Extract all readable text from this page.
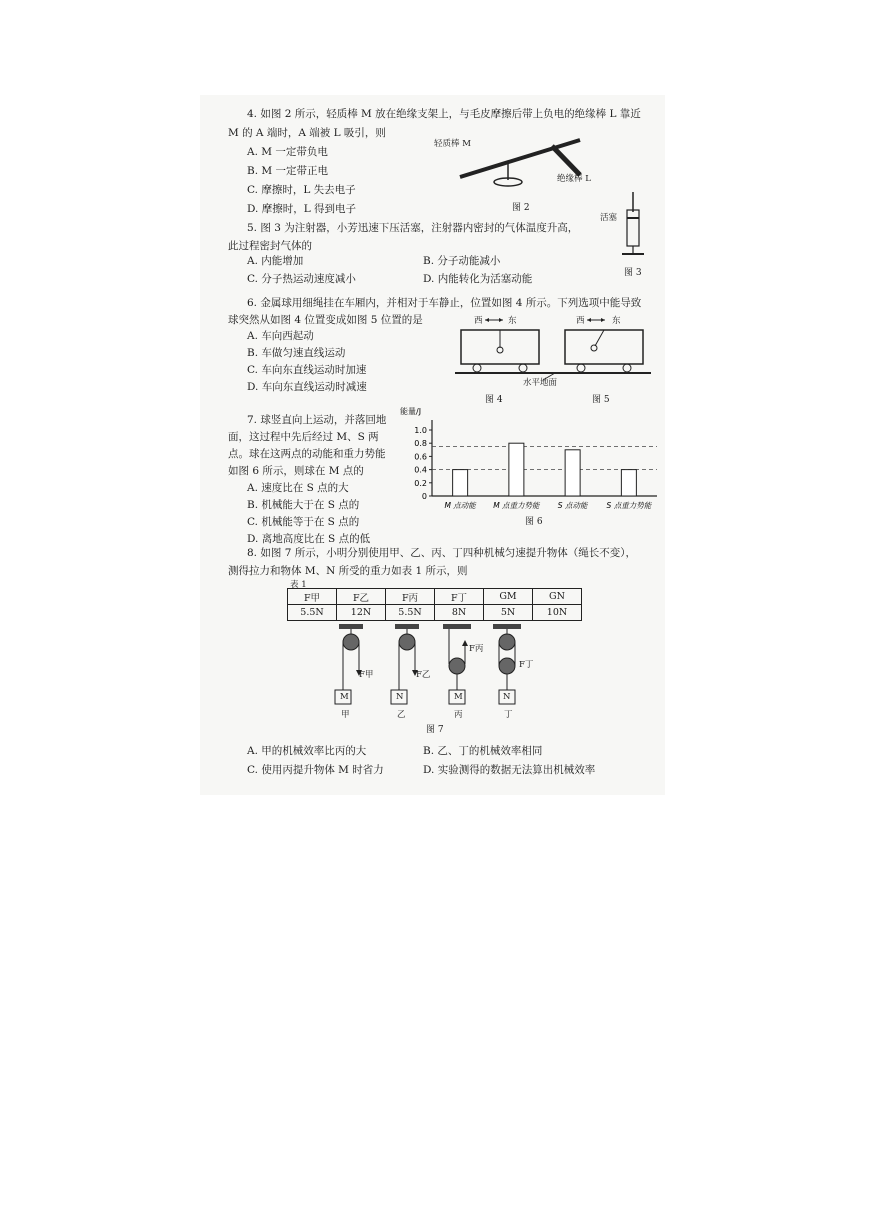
4. 如图 2 所示，轻质棒 M 放在绝缘支架上，与毛皮摩擦后带上负电的绝缘棒 L 靠近
M 的 A 端时，A 端被 L 吸引，则
A. M 一定带负电
B. M 一定带正电
C. 摩擦时，L 失去电子
D. 摩擦时，L 得到电子
轻质棒 M
绝缘棒 L
图 2
5. 图 3 为注射器，小芳迅速下压活塞，注射器内密封的气体温度升高，
此过程密封气体的
A. 内能增加	B. 分子动能减小
C. 分子热运动速度减小	D. 内能转化为活塞动能
活塞
图 3
6. 金属球用细绳挂在车厢内，并相对于车静止，位置如图 4 所示。下列选项中能导致
球突然从如图 4 位置变成如图 5 位置的是
A. 车向西起动
B. 车做匀速直线运动
C. 车向东直线运动时加速
D. 车向东直线运动时减速
西	东	西	东
水平地面
图 4	图 5
7. 球竖直向上运动，并落回地
面，这过程中先后经过 M、S 两
点。球在这两点的动能和重力势能
如图 6 所示，则球在 M 点的
A. 速度比在 S 点的大
B. 机械能大于在 S 点的
C. 机械能等于在 S 点的
D. 离地高度比在 S 点的低
能量/J
0
0.2
0.4
0.6
0.8
1.0
M 点动能 M 点重力势能 S 点动能	S 点重力势能
图 6
8. 如图 7 所示，小明分别使用甲、乙、丙、丁四种机械匀速提升物体（绳长不变），
测得拉力和物体 M、N 所受的重力如表 1 所示，则
表 1
F甲	F乙	F丙	F丁	GM	GN
5.5N	12N	5.5N	8N	5N	10N
F甲	F乙
F丙
F丁
M	N	M	N
甲	乙	丙	丁
图 7
A. 甲的机械效率比丙的大	B. 乙、丁的机械效率相同
C. 使用丙提升物体 M 时省力	D. 实验测得的数据无法算出机械效率
